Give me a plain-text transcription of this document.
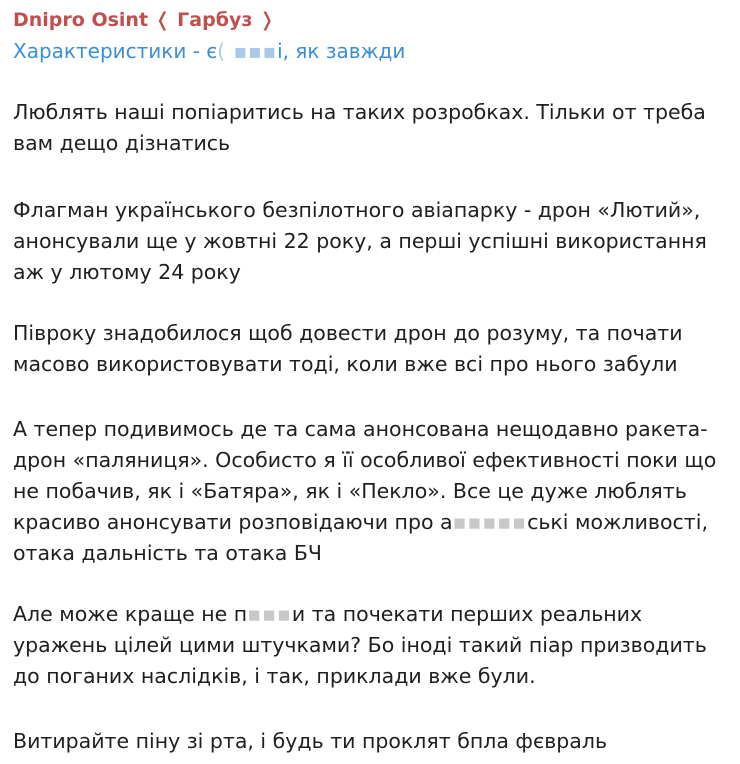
Dnipro Osint ❬ Гарбуз ❭
Характеристики - є( ▪▪▪і, як завжди

Люблять наші попіаритись на таких розробках. Тільки от треба
вам дещо дізнатись

Флагман українського безпілотного авіапарку - дрон «Лютий»,
анонсували ще у жовтні 22 року, а перші успішні використання
аж у лютому 24 року

Півроку знадобилося щоб довести дрон до розуму, та почати
масово використовувати тоді, коли вже всі про нього забули

А тепер подивимось де та сама анонсована нещодавно ракета-
дрон «паляниця». Особисто я її особливої ефективності поки що
не побачив, як і «Батяра», як і «Пекло». Все це дуже люблять
красиво анонсувати розповідаючи про а▪▪▪▪▪ські можливості,
отака дальність та отака БЧ

Але може краще не п▪▪▪и та почекати перших реальних
уражень цілей цими штучками? Бо іноді такий піар призводить
до поганих наслідків, і так, приклади вже були.

Витирайте піну зі рта, і будь ти проклят бпла фєвраль
